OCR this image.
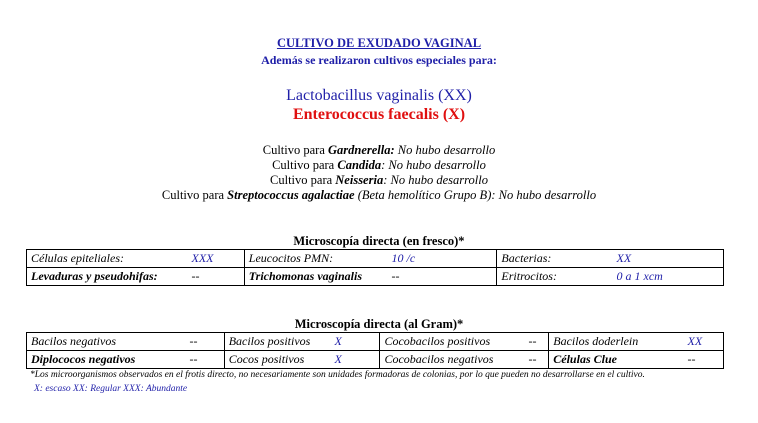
CULTIVO DE EXUDADO VAGINAL
Además se realizaron cultivos especiales para:
Lactobacillus vaginalis (XX)
Enterococcus faecalis (X)
Cultivo para Gardnerella: No hubo desarrollo
Cultivo para Candida: No hubo desarrollo
Cultivo para Neisseria: No hubo desarrollo
Cultivo para Streptococcus agalactiae (Beta hemolítico Grupo B): No hubo desarrollo
Microscopía directa (en fresco)*
Células epiteliales: XXX	Leucocitos PMN: 10 /c	Bacterias: XX

Levaduras y pseudohifas: --	Trichomonas vaginalis --	Eritrocitos: 0 a 1 xcm
Microscopía directa (al Gram)*
Bacilos negativos --	Bacilos positivos X	Cocobacilos positivos --	Bacilos doderlein XX

Diplococos negativos --	Cocos positivos X	Cocobacilos negativos --	Células Clue --
*Los microorganismos observados en el frotis directo, no necesariamente son unidades formadoras de colonias, por lo que pueden no desarrollarse en el cultivo.
X: escaso XX: Regular XXX: Abundante
